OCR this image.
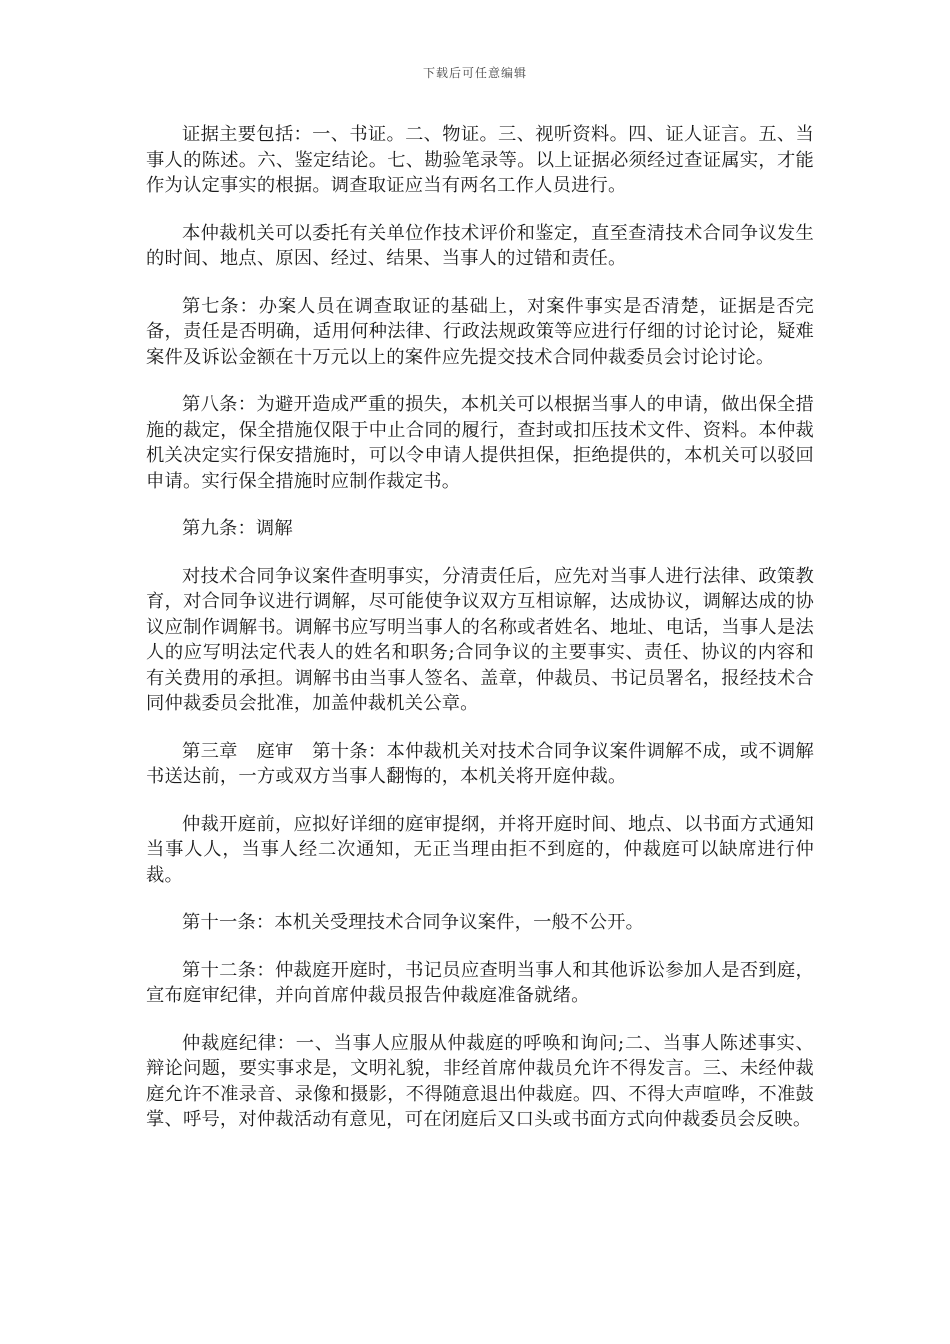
下载后可任意编辑

证据主要包括：一、书证。二、物证。三、视听资料。四、证人证言。五、当事人的陈述。六、鉴定结论。七、勘验笔录等。以上证据必须经过查证属实，才能作为认定事实的根据。调查取证应当有两名工作人员进行。

本仲裁机关可以委托有关单位作技术评价和鉴定，直至查清技术合同争议发生的时间、地点、原因、经过、结果、当事人的过错和责任。

第七条：办案人员在调查取证的基础上，对案件事实是否清楚，证据是否完备，责任是否明确，适用何种法律、行政法规政策等应进行仔细的讨论讨论，疑难案件及诉讼金额在十万元以上的案件应先提交技术合同仲裁委员会讨论讨论。

第八条：为避开造成严重的损失，本机关可以根据当事人的申请，做出保全措施的裁定，保全措施仅限于中止合同的履行，查封或扣压技术文件、资料。本仲裁机关决定实行保安措施时，可以令申请人提供担保，拒绝提供的，本机关可以驳回申请。实行保全措施时应制作裁定书。

第九条：调解

对技术合同争议案件查明事实，分清责任后，应先对当事人进行法律、政策教育，对合同争议进行调解，尽可能使争议双方互相谅解，达成协议，调解达成的协议应制作调解书。调解书应写明当事人的名称或者姓名、地址、电话，当事人是法人的应写明法定代表人的姓名和职务;合同争议的主要事实、责任、协议的内容和有关费用的承担。调解书由当事人签名、盖章，仲裁员、书记员署名，报经技术合同仲裁委员会批准，加盖仲裁机关公章。

第三章　庭审　第十条：本仲裁机关对技术合同争议案件调解不成，或不调解书送达前，一方或双方当事人翻悔的，本机关将开庭仲裁。

仲裁开庭前，应拟好详细的庭审提纲，并将开庭时间、地点、以书面方式通知当事人人，当事人经二次通知，无正当理由拒不到庭的，仲裁庭可以缺席进行仲裁。

第十一条：本机关受理技术合同争议案件，一般不公开。

第十二条：仲裁庭开庭时，书记员应查明当事人和其他诉讼参加人是否到庭，宣布庭审纪律，并向首席仲裁员报告仲裁庭准备就绪。

仲裁庭纪律：一、当事人应服从仲裁庭的呼唤和询问;二、当事人陈述事实、辩论问题，要实事求是，文明礼貌，非经首席仲裁员允许不得发言。三、未经仲裁庭允许不准录音、录像和摄影，不得随意退出仲裁庭。四、不得大声喧哗，不准鼓掌、呼号，对仲裁活动有意见，可在闭庭后又口头或书面方式向仲裁委员会反映。
